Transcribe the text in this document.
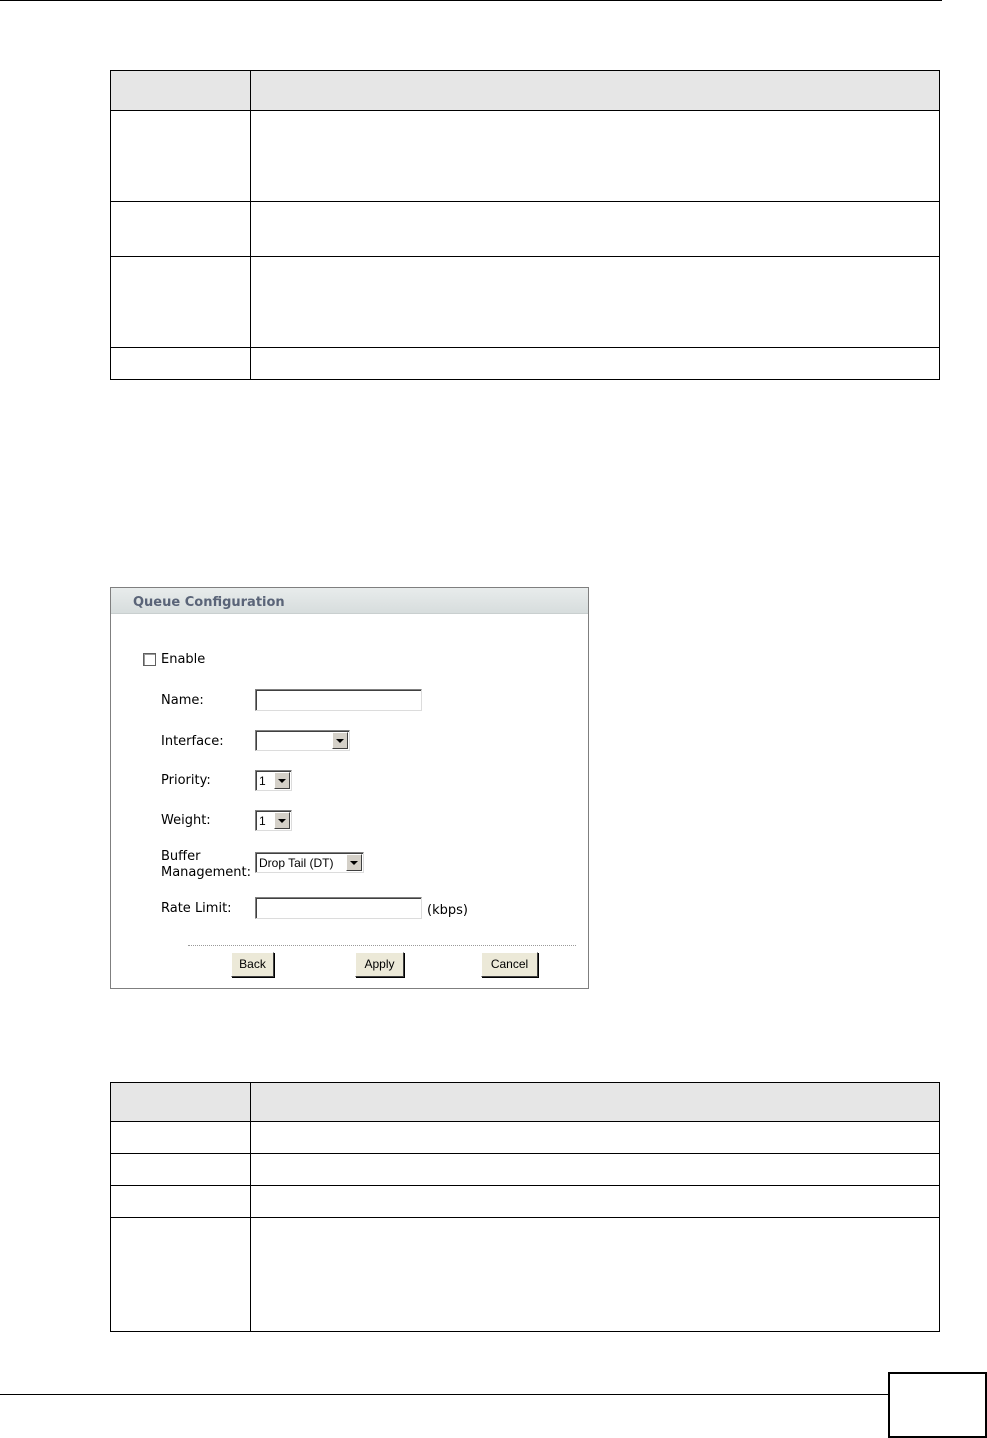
Queue Configuration
Enable
Name:
Interface:
Priority:	1
Weight:	1
Buffer
Management:
Drop Tail (DT)
Rate Limit:	(kbps)
Back	Apply	Cancel
